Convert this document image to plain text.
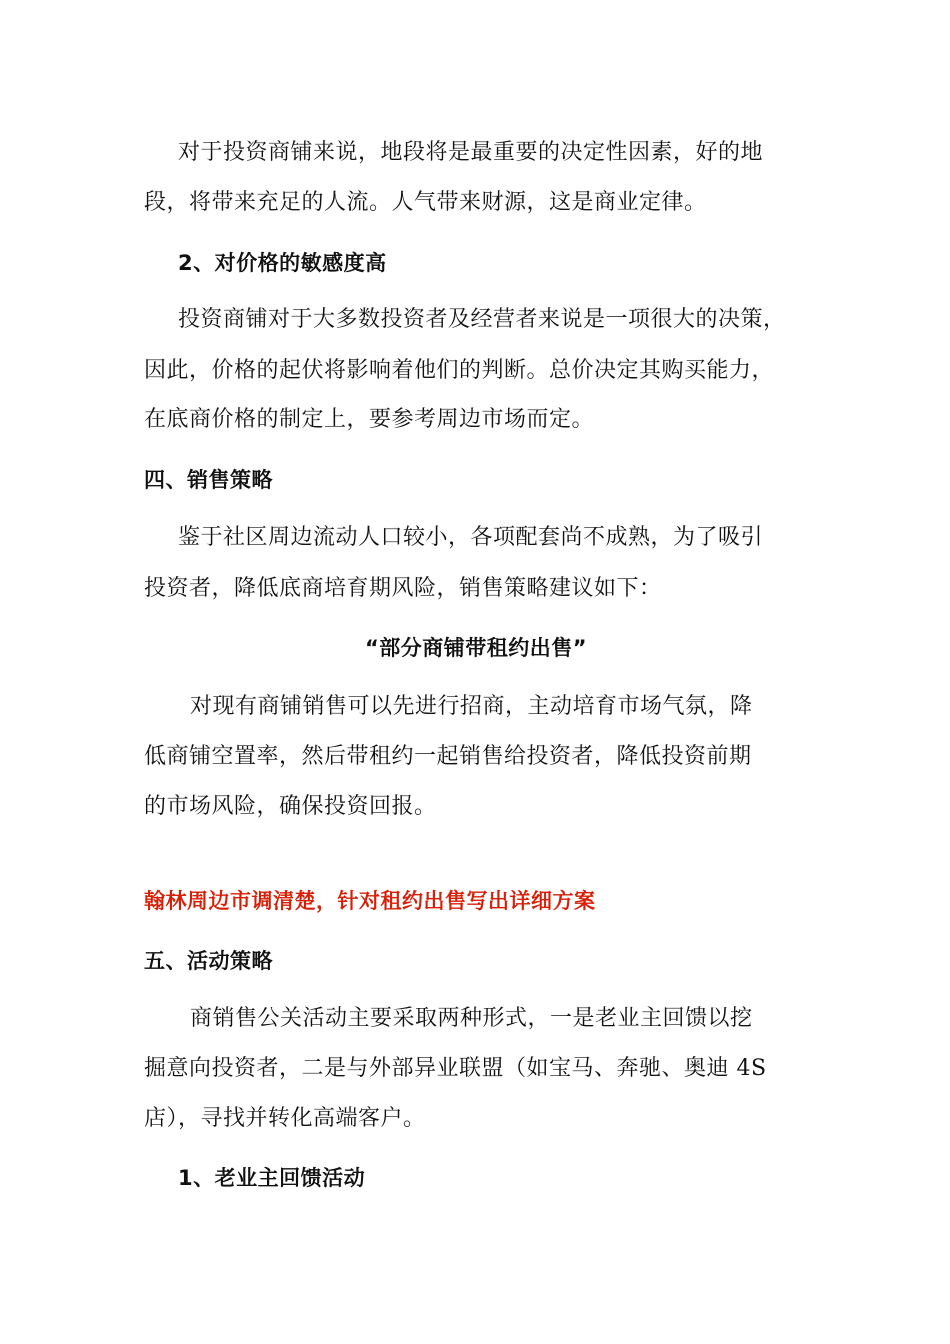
对于投资商铺来说，地段将是最重要的决定性因素，好的地
段，将带来充足的人流。人气带来财源，这是商业定律。
2、对价格的敏感度高
投资商铺对于大多数投资者及经营者来说是一项很大的决策，
因此，价格的起伏将影响着他们的判断。总价决定其购买能力，
在底商价格的制定上，要参考周边市场而定。
四、销售策略
鉴于社区周边流动人口较小，各项配套尚不成熟，为了吸引
投资者，降低底商培育期风险，销售策略建议如下：
“部分商铺带租约出售”
对现有商铺销售可以先进行招商，主动培育市场气氛，降
低商铺空置率，然后带租约一起销售给投资者，降低投资前期
的市场风险，确保投资回报。
翰林周边市调清楚，针对租约出售写出详细方案
五、活动策略
商销售公关活动主要采取两种形式，一是老业主回馈以挖
掘意向投资者，二是与外部异业联盟（如宝马、奔驰、奥迪 4S
店），寻找并转化高端客户。
1、老业主回馈活动
